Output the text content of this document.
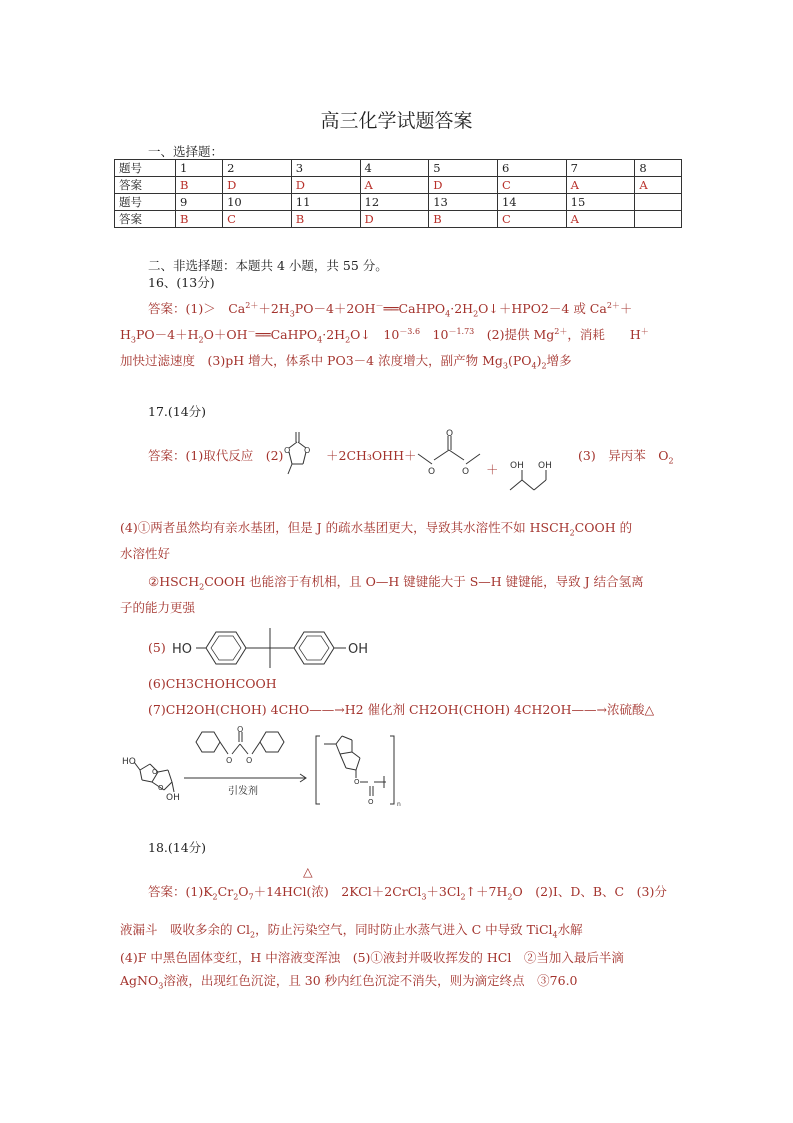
高三化学试题答案
一、选择题：
题号	1	2	3	4	5	6	7	8
答案	B	D	D	A	D	C	A	A
题号	9	10	11	12	13	14	15	
答案	B	C	B	D	B	C	A	
二、非选择题：本题共 4 小题，共 55 分。
16、(13分)
答案：(1)＞　$Ca^{2+}+2H_3PO-4+2OH^-══CaHPO_4\cdot 2H_2O↓+HPO2-4$ 或 $Ca^{2+}+$
$H_3PO-4+H_2O+OH^-══CaHPO_4\cdot 2H_2O↓$　$10^{-3.6}$　$10^{-1.73}$　(2)提供 $Mg^{2+}$，消耗　　H＋
加快过滤速度　(3)pH 增大，体系中 PO3－4 浓度增大，副产物 $Mg_3(PO_4)_2$增多
17.(14分)
答案：(1)取代反应　(2) O O ＋2CH₃OHH＋
O
O	O ＋ OH OH
(3)　异丙苯　$O_2$
(4)①两者虽然均有亲水基团，但是 J 的疏水基团更大，导致其水溶性不如 $HSCH_2COOH$ 的
水溶性好
$②HSCH_2COOH$ 也能溶于有机相，且 O—H 键键能大于 S—H 键键能，导致 J 结合氢离
子的能力更强
(5) HO	OH
(6)CH3CHOHCOOH
(7)CH2OH(CHOH) 4CHO——→H2 催化剂 CH2OH(CHOH) 4CH2OH——→浓硫酸△
HO
OH
O
O
O O
O
引发剂
O
O	n
18.(14分)
△
答案：$(1)K_2Cr_2O_7+14HCl$(浓)　$2KCl+2CrCl_3+3Cl_2↑+7H_2O$　(2)I、D、B、C　(3)分
液漏斗　吸收多余的 $Cl_2$，防止污染空气，同时防止水蒸气进入 C 中导致 TiCl$_4$水解
(4)F 中黑色固体变红，H 中溶液变浑浊　(5)①液封并吸收挥发的 HCl　②当加入最后半滴
AgNO$_3$溶液，出现红色沉淀，且 30 秒内红色沉淀不消失，则为滴定终点　③76.0
